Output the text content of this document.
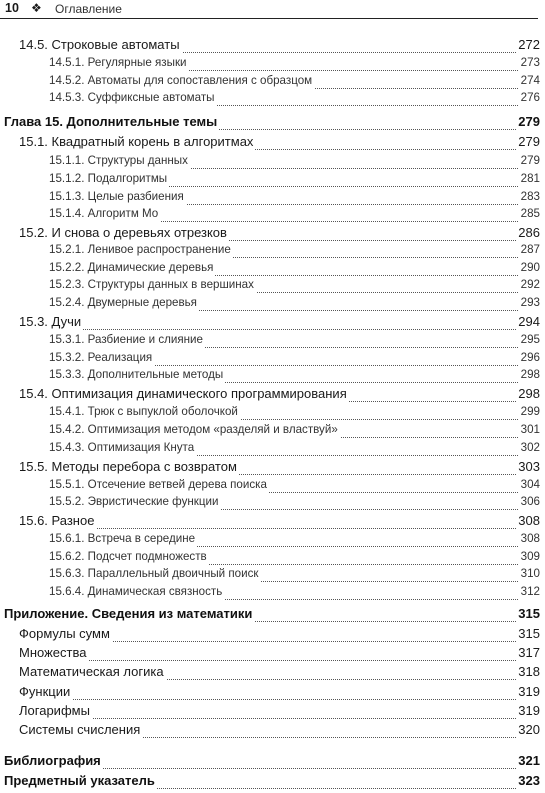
10 ❖ Оглавление
14.5. Строковые автоматы	272
14.5.1. Регулярные языки	273
14.5.2. Автоматы для сопоставления с образцом	274
14.5.3. Суффиксные автоматы	276
Глава 15. Дополнительные темы	279
15.1. Квадратный корень в алгоритмах	279
15.1.1. Структуры данных	279
15.1.2. Подалгоритмы	281
15.1.3. Целые разбиения	283
15.1.4. Алгоритм Мо	285
15.2. И снова о деревьях отрезков	286
15.2.1. Ленивое распространение	287
15.2.2. Динамические деревья	290
15.2.3. Структуры данных в вершинах	292
15.2.4. Двумерные деревья	293
15.3. Дучи	294
15.3.1. Разбиение и слияние	295
15.3.2. Реализация	296
15.3.3. Дополнительные методы	298
15.4. Оптимизация динамического программирования	298
15.4.1. Трюк с выпуклой оболочкой	299
15.4.2. Оптимизация методом «разделяй и властвуй»	301
15.4.3. Оптимизация Кнута	302
15.5. Методы перебора с возвратом	303
15.5.1. Отсечение ветвей дерева поиска	304
15.5.2. Эвристические функции	306
15.6. Разное	308
15.6.1. Встреча в середине	308
15.6.2. Подсчет подмножеств	309
15.6.3. Параллельный двоичный поиск	310
15.6.4. Динамическая связность	312
Приложение. Сведения из математики	315
Формулы сумм	315
Множества	317
Математическая логика	318
Функции	319
Логарифмы	319
Системы счисления	320
Библиография	321
Предметный указатель	323
